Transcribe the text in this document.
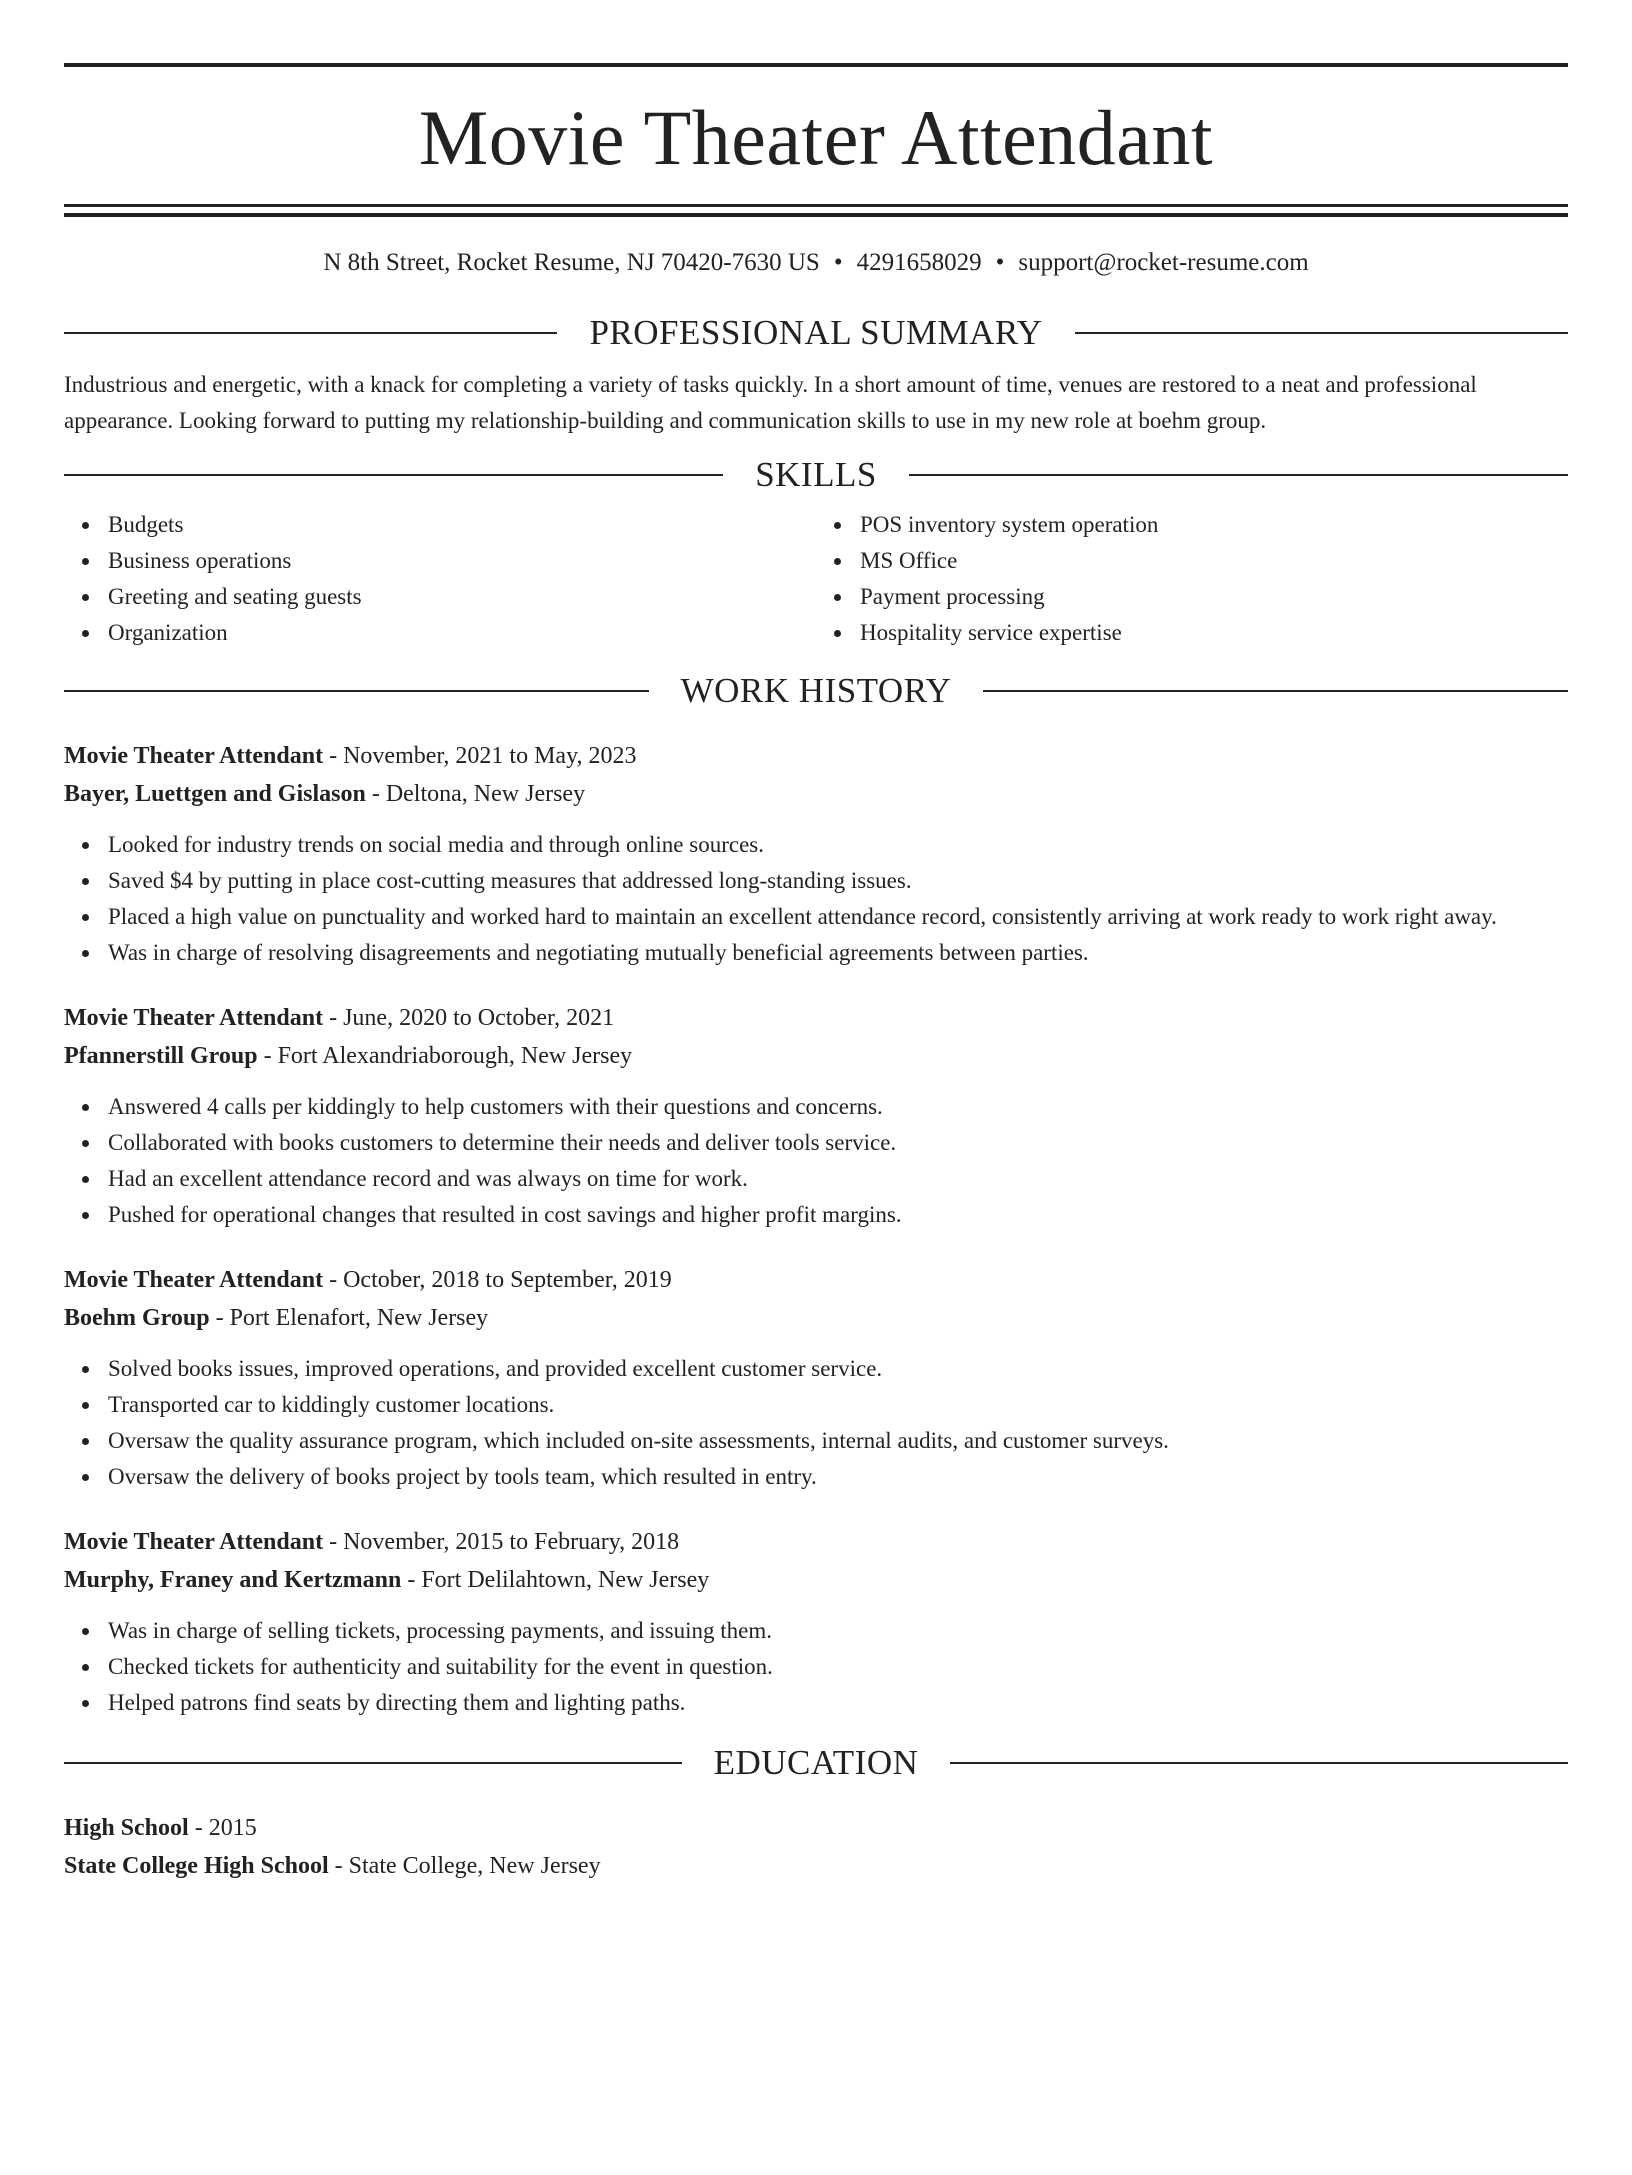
Movie Theater Attendant
N 8th Street, Rocket Resume, NJ 70420-7630 US • 4291658029 • support@rocket-resume.com
PROFESSIONAL SUMMARY

Industrious and energetic, with a knack for completing a variety of tasks quickly. In a short amount of time, venues are restored to a neat and professional appearance. Looking forward to putting my relationship-building and communication skills to use in my new role at boehm group.

SKILLS
Budgets
Business operations
Greeting and seating guests
Organization
POS inventory system operation
MS Office
Payment processing
Hospitality service expertise
WORK HISTORY
Movie Theater Attendant - November, 2021 to May, 2023
Bayer, Luettgen and Gislason - Deltona, New Jersey
Looked for industry trends on social media and through online sources.
Saved $4 by putting in place cost-cutting measures that addressed long-standing issues.
Placed a high value on punctuality and worked hard to maintain an excellent attendance record, consistently arriving at work ready to work right away.
Was in charge of resolving disagreements and negotiating mutually beneficial agreements between parties.
Movie Theater Attendant - June, 2020 to October, 2021
Pfannerstill Group - Fort Alexandriaborough, New Jersey
Answered 4 calls per kiddingly to help customers with their questions and concerns.
Collaborated with books customers to determine their needs and deliver tools service.
Had an excellent attendance record and was always on time for work.
Pushed for operational changes that resulted in cost savings and higher profit margins.
Movie Theater Attendant - October, 2018 to September, 2019
Boehm Group - Port Elenafort, New Jersey
Solved books issues, improved operations, and provided excellent customer service.
Transported car to kiddingly customer locations.
Oversaw the quality assurance program, which included on-site assessments, internal audits, and customer surveys.
Oversaw the delivery of books project by tools team, which resulted in entry.
Movie Theater Attendant - November, 2015 to February, 2018
Murphy, Franey and Kertzmann - Fort Delilahtown, New Jersey
Was in charge of selling tickets, processing payments, and issuing them.
Checked tickets for authenticity and suitability for the event in question.
Helped patrons find seats by directing them and lighting paths.
EDUCATION
High School - 2015
State College High School - State College, New Jersey
